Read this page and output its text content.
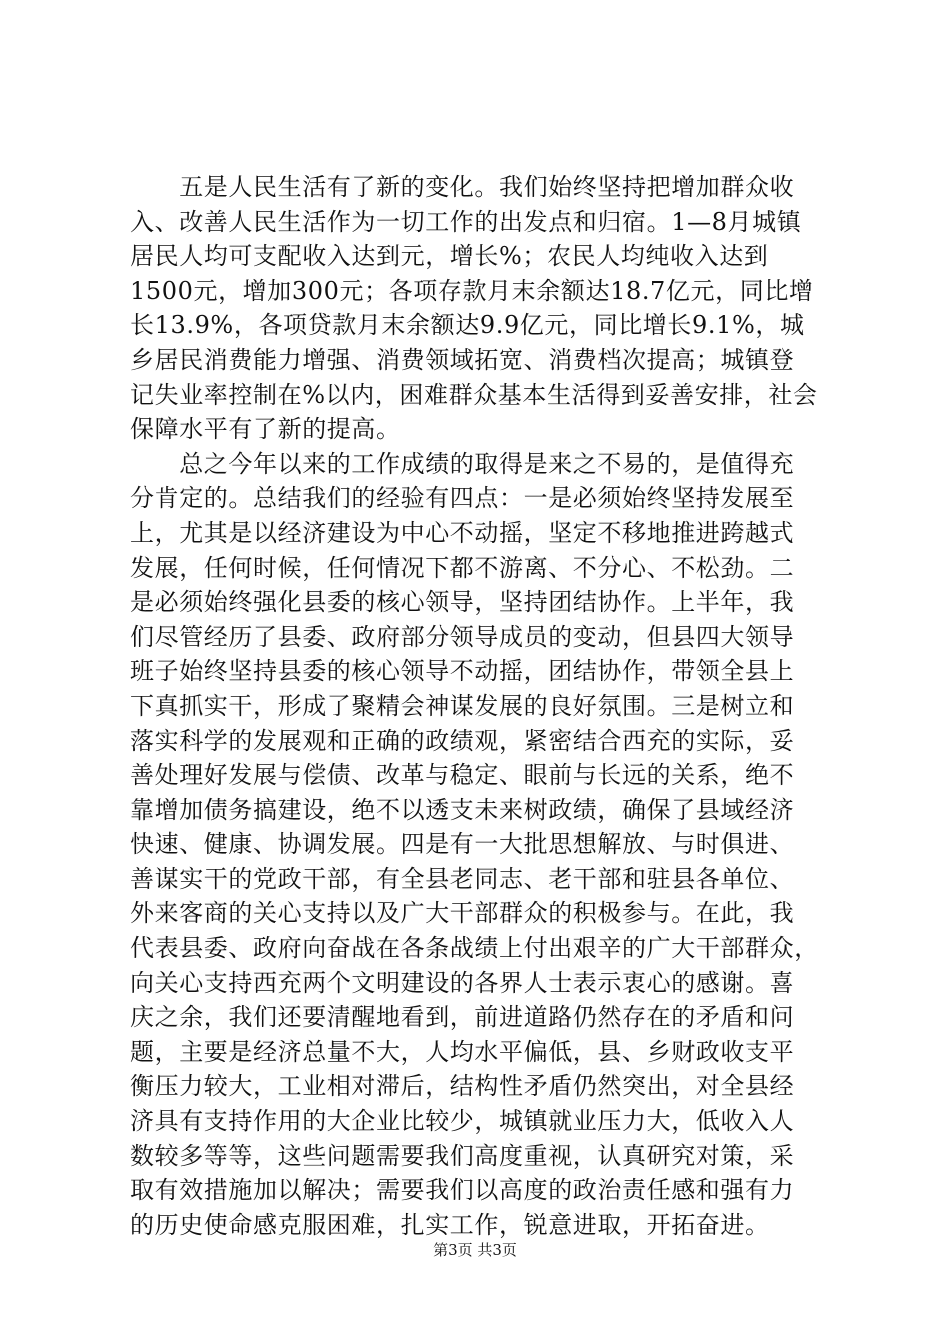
　　五是人民生活有了新的变化。我们始终坚持把增加群众收
入、改善人民生活作为一切工作的出发点和归宿。1—8月城镇
居民人均可支配收入达到元，增长%；农民人均纯收入达到
1500元，增加300元；各项存款月末余额达18.7亿元，同比增
长13.9%，各项贷款月末余额达9.9亿元，同比增长9.1%，城
乡居民消费能力增强、消费领域拓宽、消费档次提高；城镇登
记失业率控制在%以内，困难群众基本生活得到妥善安排，社会
保障水平有了新的提高。
　　总之今年以来的工作成绩的取得是来之不易的，是值得充
分肯定的。总结我们的经验有四点：一是必须始终坚持发展至
上，尤其是以经济建设为中心不动摇，坚定不移地推进跨越式
发展，任何时候，任何情况下都不游离、不分心、不松劲。二
是必须始终强化县委的核心领导，坚持团结协作。上半年，我
们尽管经历了县委、政府部分领导成员的变动，但县四大领导
班子始终坚持县委的核心领导不动摇，团结协作，带领全县上
下真抓实干，形成了聚精会神谋发展的良好氛围。三是树立和
落实科学的发展观和正确的政绩观，紧密结合西充的实际，妥
善处理好发展与偿债、改革与稳定、眼前与长远的关系，绝不
靠增加债务搞建设，绝不以透支未来树政绩，确保了县域经济
快速、健康、协调发展。四是有一大批思想解放、与时俱进、
善谋实干的党政干部，有全县老同志、老干部和驻县各单位、
外来客商的关心支持以及广大干部群众的积极参与。在此，我
代表县委、政府向奋战在各条战绩上付出艰辛的广大干部群众，
向关心支持西充两个文明建设的各界人士表示衷心的感谢。喜
庆之余，我们还要清醒地看到，前进道路仍然存在的矛盾和问
题，主要是经济总量不大，人均水平偏低，县、乡财政收支平
衡压力较大，工业相对滞后，结构性矛盾仍然突出，对全县经
济具有支持作用的大企业比较少，城镇就业压力大，低收入人
数较多等等，这些问题需要我们高度重视，认真研究对策，采
取有效措施加以解决；需要我们以高度的政治责任感和强有力
的历史使命感克服困难，扎实工作，锐意进取，开拓奋进。
第3页 共3页
